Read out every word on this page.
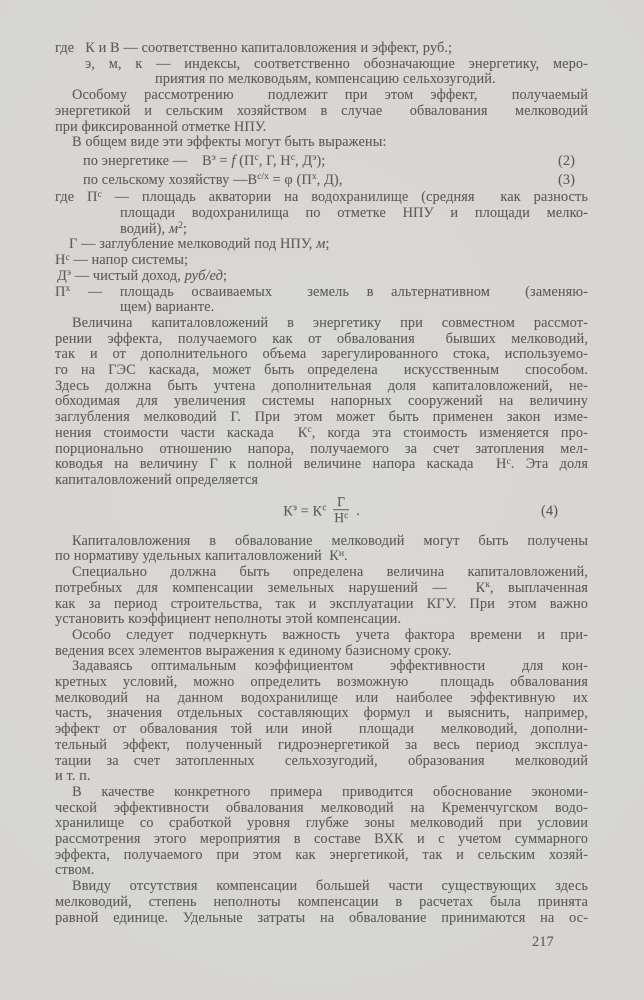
где   К и В — соответственно капиталовложения и эффект, руб.;
э, м, к — индексы, соответственно обозначающие энергетику, меро-
приятия по мелководьям, компенсацию сельхозугодий.
Особому рассмотрению  подлежит при этом эффект,  получаемый
энергетикой и сельским хозяйством в случае  обвалования  мелководий
при фиксированной отметке НПУ.
В общем виде эти эффекты могут быть выражены:
по энергетике —    $В^э = f$ ($П^с$, Г, $Н^с$, $Д^э$);	(2)
по сельскому хозяйству $—В^{с/х} = \varphi$ ($П^х$, Д),	(3)
где $П^с$ — площадь акватории на водохранилище (средняя  как разность
площади водохранилища по отметке НПУ и площади мелко-
водий), $м^2$;
Г — заглубление мелководий под НПУ, м;
$Н^с$ — напор системы;
$Д^э$ — чистый доход, руб/ед;
$П^х$ — площадь осваиваемых  земель в альтернативном  (заменяю-
щем) варианте.
Величина капиталовложений в энергетику при совместном рассмот-
рении эффекта, получаемого как от обвалования  бывших мелководий,
так и от дополнительного объема зарегулированного стока, используемо-
го на ГЭС каскада, может быть определена  искусственным  способом.
Здесь должна быть учтена дополнительная доля капиталовложений, не-
обходимая для увеличения системы напорных сооружений на величину
заглубления мелководий Г. При этом может быть применен закон изме-
нения стоимости части каскада  $К^с$, когда эта стоимость изменяется про-
порционально отношению напора, получаемого за счет затопления мел-
ководья на величину Г к полной величине напора каскада  $Н^с$. Эта доля
капиталовложений определяется
$К^э = К^с \frac{Г}{Н^с}$ .	(4)
Капиталовложения в обвалование мелководий могут быть получены
по нормативу удельных капиталовложений  $К^н$.
Специально должна быть определена величина капиталовложений,
потребных для компенсации земельных нарушений —  $К^к$, выплаченная
как за период строительства, так и эксплуатации КГУ. При этом важно
установить коэффициент неполноты этой компенсации.
Особо следует подчеркнуть важность учета фактора времени и при-
ведения всех элементов выражения к единому базисному сроку.
Задаваясь оптимальным коэффициентом  эффективности  для кон-
кретных условий, можно определить возможную  площадь обвалования
мелководий на данном водохранилище или наиболее эффективную их
часть, значения отдельных составляющих формул и выяснить, например,
эффект от обвалования той или иной  площади  мелководий, дополни-
тельный эффект, полученный гидроэнергетикой за весь период эксплуа-
тации за счет затопленных  сельхозугодий,  образования  мелководий
и т. п.
В качестве конкретного примера приводится обоснование экономи-
ческой эффективности обвалования мелководий на Кременчугском водо-
хранилище со сработкой уровня глубже зоны мелководий при условии
рассмотрения этого мероприятия в составе ВХК и с учетом суммарного
эффекта, получаемого при этом как энергетикой, так и сельским хозяй-
ством.
Ввиду отсутствия компенсации большей части существующих здесь
мелководий, степень неполноты компенсации в расчетах была принята
равной единице. Удельные затраты на обвалование принимаются на ос-
217
